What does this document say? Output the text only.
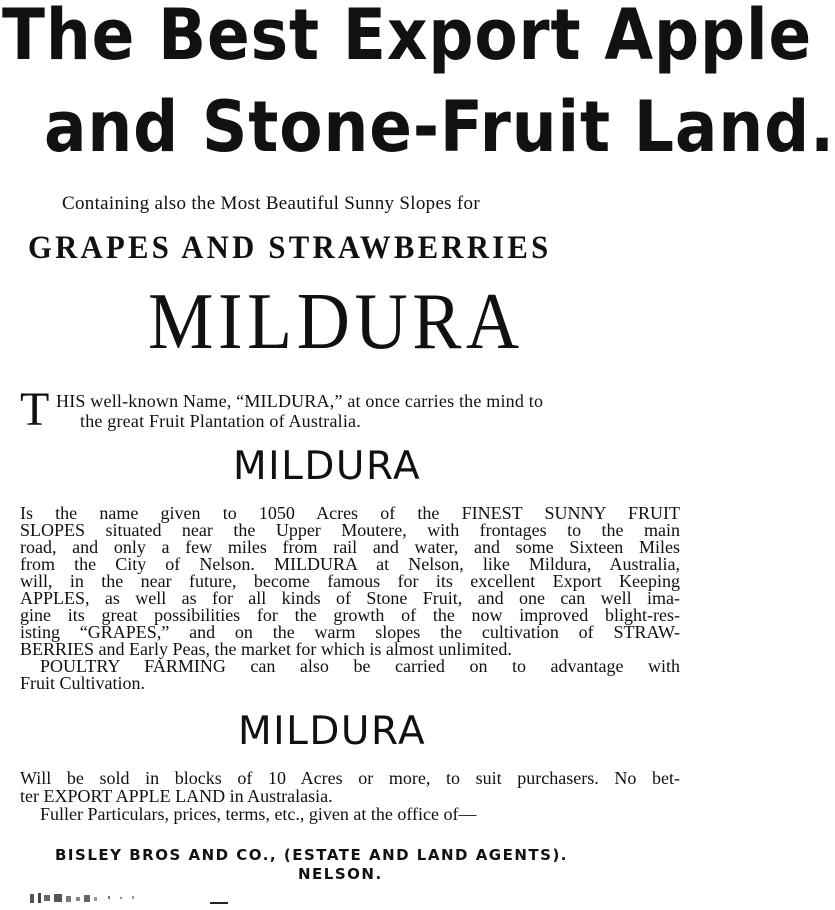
The Best Export Apple
and Stone-Fruit Land.
Containing also the Most Beautiful Sunny Slopes for
GRAPES AND STRAWBERRIES
MILDURA
T HIS well-known Name, “MILDURA,” at once carries the mind to
the great Fruit Plantation of Australia.
MILDURA
Is the name given to 1050 Acres of the FINEST SUNNY FRUIT
SLOPES situated near the Upper Moutere, with frontages to the main
road, and only a few miles from rail and water, and some Sixteen Miles
from the City of Nelson. MILDURA at Nelson, like Mildura, Australia,
will, in the near future, become famous for its excellent Export Keeping
APPLES, as well as for all kinds of Stone Fruit, and one can well ima-
gine its great possibilities for the growth of the now improved blight-res-
isting “GRAPES,” and on the warm slopes the cultivation of STRAW-
BERRIES and Early Peas, the market for which is almost unlimited.
POULTRY FARMING can also be carried on to advantage with
Fruit Cultivation.
MILDURA
Will be sold in blocks of 10 Acres or more, to suit purchasers. No bet-
ter EXPORT APPLE LAND in Australasia.
Fuller Particulars, prices, terms, etc., given at the office of—
BISLEY BROS AND CO., (ESTATE AND LAND AGENTS).
NELSON.
